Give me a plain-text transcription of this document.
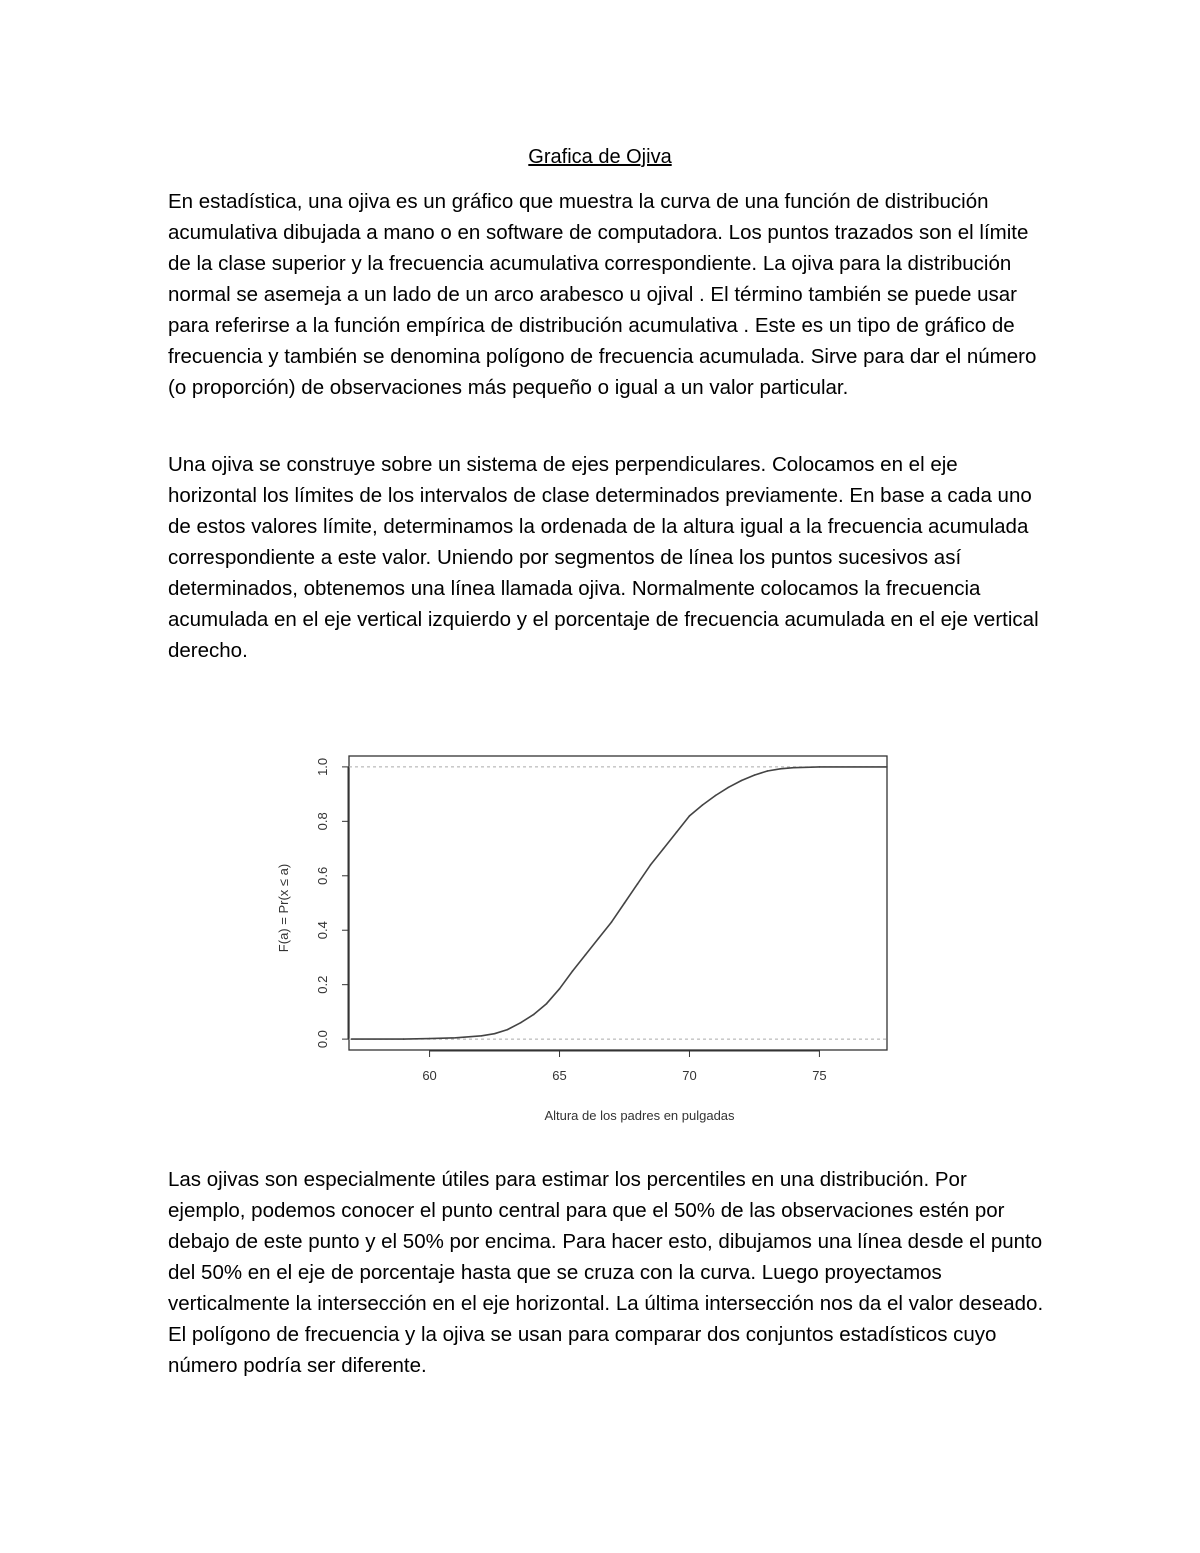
Grafica de Ojiva

En estadística, una ojiva es un gráfico que muestra la curva de una función de distribución acumulativa dibujada a mano o en software de computadora. Los puntos trazados son el límite de la clase superior y la frecuencia acumulativa correspondiente. La ojiva para la distribución normal se asemeja a un lado de un arco arabesco u ojival . El término también se puede usar para referirse a la función empírica de distribución acumulativa . Este es un tipo de gráfico de frecuencia y también se denomina polígono de frecuencia acumulada. Sirve para dar el número (o proporción) de observaciones más pequeño o igual a un valor particular.

Una ojiva se construye sobre un sistema de ejes perpendiculares. Colocamos en el eje horizontal los límites de los intervalos de clase determinados previamente. En base a cada uno de estos valores límite, determinamos la ordenada de la altura igual a la frecuencia acumulada correspondiente a este valor. Uniendo por segmentos de línea los puntos sucesivos así determinados, obtenemos una línea llamada ojiva. Normalmente colocamos la frecuencia acumulada en el eje vertical izquierdo y el porcentaje de frecuencia acumulada en el eje vertical derecho.

60	65	70	75
0.0
0.2
0.4
0.6
0.8
1.0
Altura de los padres en pulgadas
F(a) = Pr(x ≤ a)

Las ojivas son especialmente útiles para estimar los percentiles en una distribución. Por ejemplo, podemos conocer el punto central para que el 50% de las observaciones estén por debajo de este punto y el 50% por encima. Para hacer esto, dibujamos una línea desde el punto del 50% en el eje de porcentaje hasta que se cruza con la curva. Luego proyectamos verticalmente la intersección en el eje horizontal. La última intersección nos da el valor deseado. El polígono de frecuencia y la ojiva se usan para comparar dos conjuntos estadísticos cuyo número podría ser diferente.
